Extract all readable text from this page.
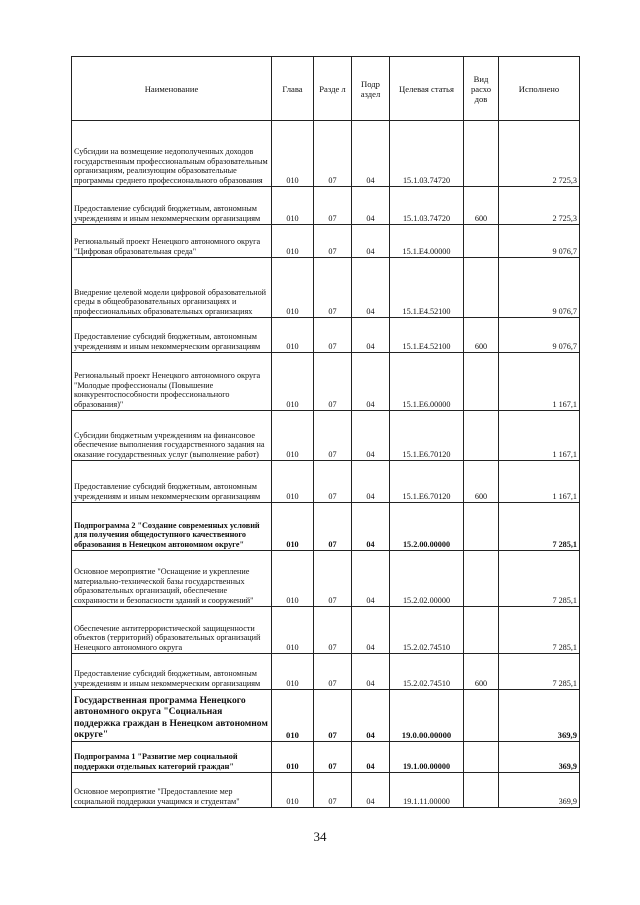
Наименование	Глава	Разде л	Подр аздел	Целевая статья	Вид расхо дов	Исполнено
Субсидии на возмещение недополученных доходов государственным профессиональным образовательным организациям, реализующим образовательные программы среднего профессионального образования	010	07	04	15.1.03.74720		2 725,3
Предоставление субсидий бюджетным, автономным учреждениям и иным некоммерческим организациям	010	07	04	15.1.03.74720	600	2 725,3
Региональный проект Ненецкого автономного округа "Цифровая образовательная среда"	010	07	04	15.1.E4.00000		9 076,7
Внедрение целевой модели цифровой образовательной среды в общеобразовательных организациях и профессиональных образовательных организациях	010	07	04	15.1.E4.52100		9 076,7
Предоставление субсидий бюджетным, автономным учреждениям и иным некоммерческим организациям	010	07	04	15.1.E4.52100	600	9 076,7
Региональный проект Ненецкого автономного округа "Молодые профессионалы (Повышение конкурентоспособности профессионального образования)"	010	07	04	15.1.E6.00000		1 167,1
Субсидии бюджетным учреждениям на финансовое обеспечение выполнения государственного задания на оказание государственных услуг (выполнение работ)	010	07	04	15.1.E6.70120		1 167,1
Предоставление субсидий бюджетным, автономным учреждениям и иным некоммерческим организациям	010	07	04	15.1.E6.70120	600	1 167,1
Подпрограмма 2 "Создание современных условий для получения общедоступного качественного образования в Ненецком автономном округе"	010	07	04	15.2.00.00000		7 285,1
Основное мероприятие "Оснащение и укрепление материально-технической базы государственных образовательных организаций, обеспечение сохранности и безопасности зданий и сооружений"	010	07	04	15.2.02.00000		7 285,1
Обеспечение антитеррористической защищенности объектов (территорий) образовательных организаций Ненецкого автономного округа	010	07	04	15.2.02.74510		7 285,1
Предоставление субсидий бюджетным, автономным учреждениям и иным некоммерческим организациям	010	07	04	15.2.02.74510	600	7 285,1
Государственная программа Ненецкого автономного округа "Социальная поддержка граждан в Ненецком автономном округе"	010	07	04	19.0.00.00000		369,9
Подпрограмма 1 "Развитие мер социальной поддержки отдельных категорий граждан"	010	07	04	19.1.00.00000		369,9
Основное мероприятие "Предоставление мер социальной поддержки учащимся и студентам"	010	07	04	19.1.11.00000		369,9
34
